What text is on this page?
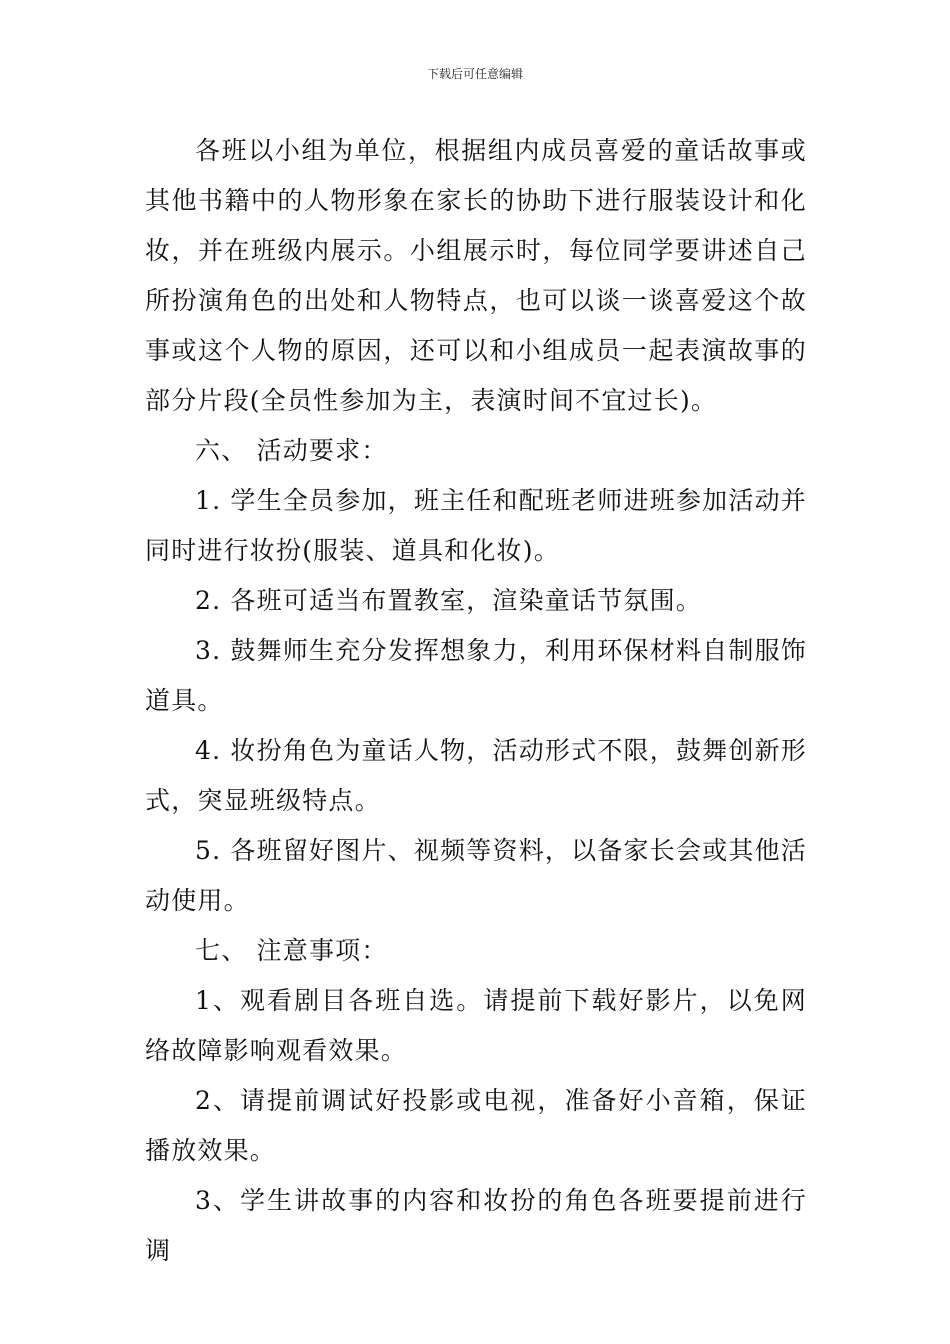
下载后可任意编辑

各班以小组为单位，根据组内成员喜爱的童话故事或其他书籍中的人物形象在家长的协助下进行服装设计和化妆，并在班级内展示。小组展示时，每位同学要讲述自己所扮演角色的出处和人物特点，也可以谈一谈喜爱这个故事或这个人物的原因，还可以和小组成员一起表演故事的部分片段(全员性参加为主，表演时间不宜过长)。

六、 活动要求：

1. 学生全员参加，班主任和配班老师进班参加活动并同时进行妆扮(服装、道具和化妆)。

2. 各班可适当布置教室，渲染童话节氛围。

3. 鼓舞师生充分发挥想象力，利用环保材料自制服饰道具。

4. 妆扮角色为童话人物，活动形式不限，鼓舞创新形式，突显班级特点。

5. 各班留好图片、视频等资料，以备家长会或其他活动使用。

七、 注意事项：

1、观看剧目各班自选。请提前下载好影片，以免网络故障影响观看效果。

2、请提前调试好投影或电视，准备好小音箱，保证播放效果。

3、学生讲故事的内容和妆扮的角色各班要提前进行调
